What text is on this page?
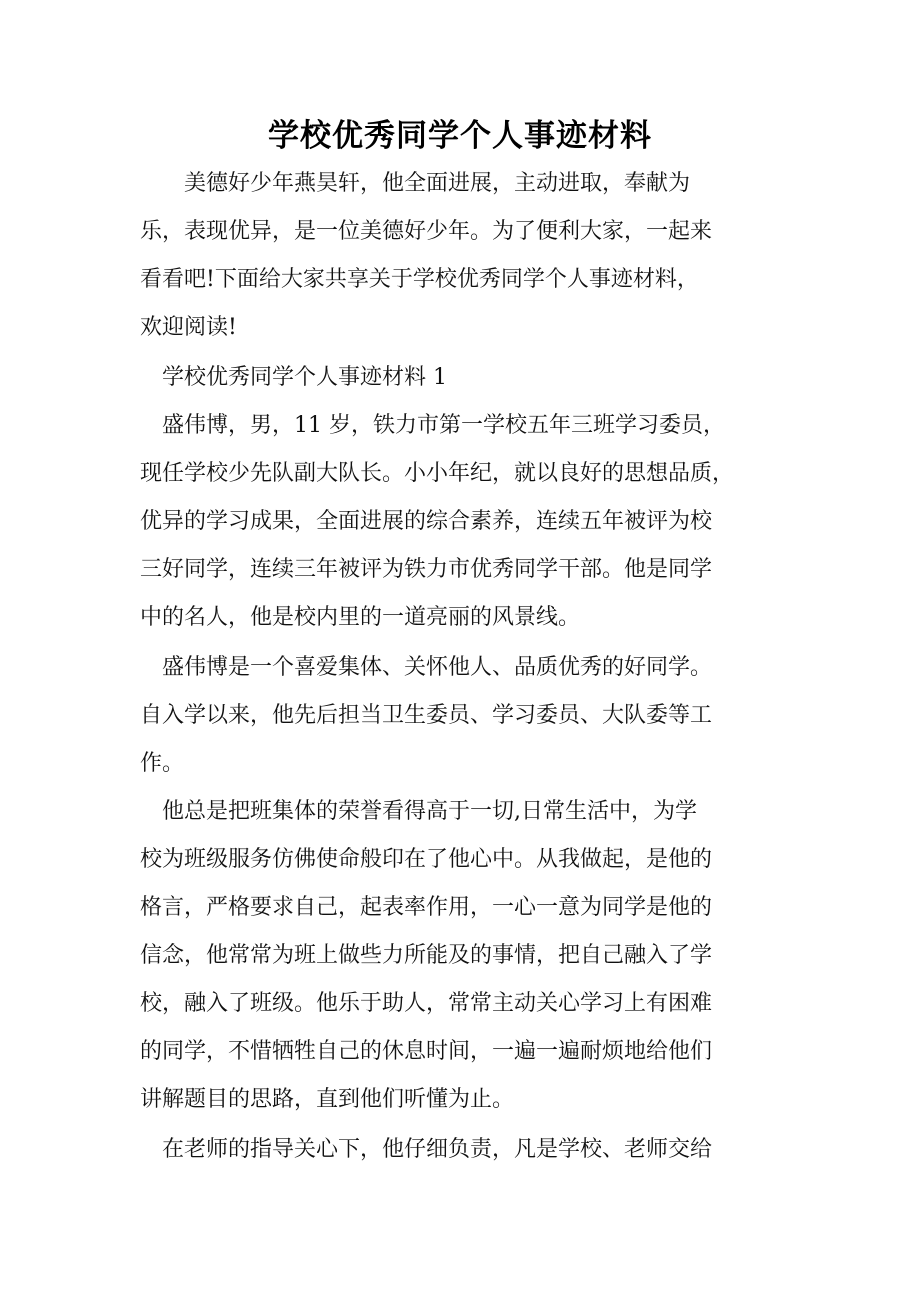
学校优秀同学个人事迹材料
　　美德好少年燕昊轩，他全面进展，主动进取，奉献为
乐，表现优异，是一位美德好少年。为了便利大家，一起来
看看吧!下面给大家共享关于学校优秀同学个人事迹材料，
欢迎阅读!
　学校优秀同学个人事迹材料 1
　盛伟博，男，11 岁，铁力市第一学校五年三班学习委员，
现任学校少先队副大队长。小小年纪，就以良好的思想品质，
优异的学习成果，全面进展的综合素养，连续五年被评为校
三好同学，连续三年被评为铁力市优秀同学干部。他是同学
中的名人，他是校内里的一道亮丽的风景线。
　盛伟博是一个喜爱集体、关怀他人、品质优秀的好同学。
自入学以来，他先后担当卫生委员、学习委员、大队委等工
作。
　他总是把班集体的荣誉看得高于一切,日常生活中，为学
校为班级服务仿佛使命般印在了他心中。从我做起，是他的
格言，严格要求自己，起表率作用，一心一意为同学是他的
信念，他常常为班上做些力所能及的事情，把自己融入了学
校，融入了班级。他乐于助人，常常主动关心学习上有困难
的同学，不惜牺牲自己的休息时间，一遍一遍耐烦地给他们
讲解题目的思路，直到他们听懂为止。
　在老师的指导关心下，他仔细负责，凡是学校、老师交给
